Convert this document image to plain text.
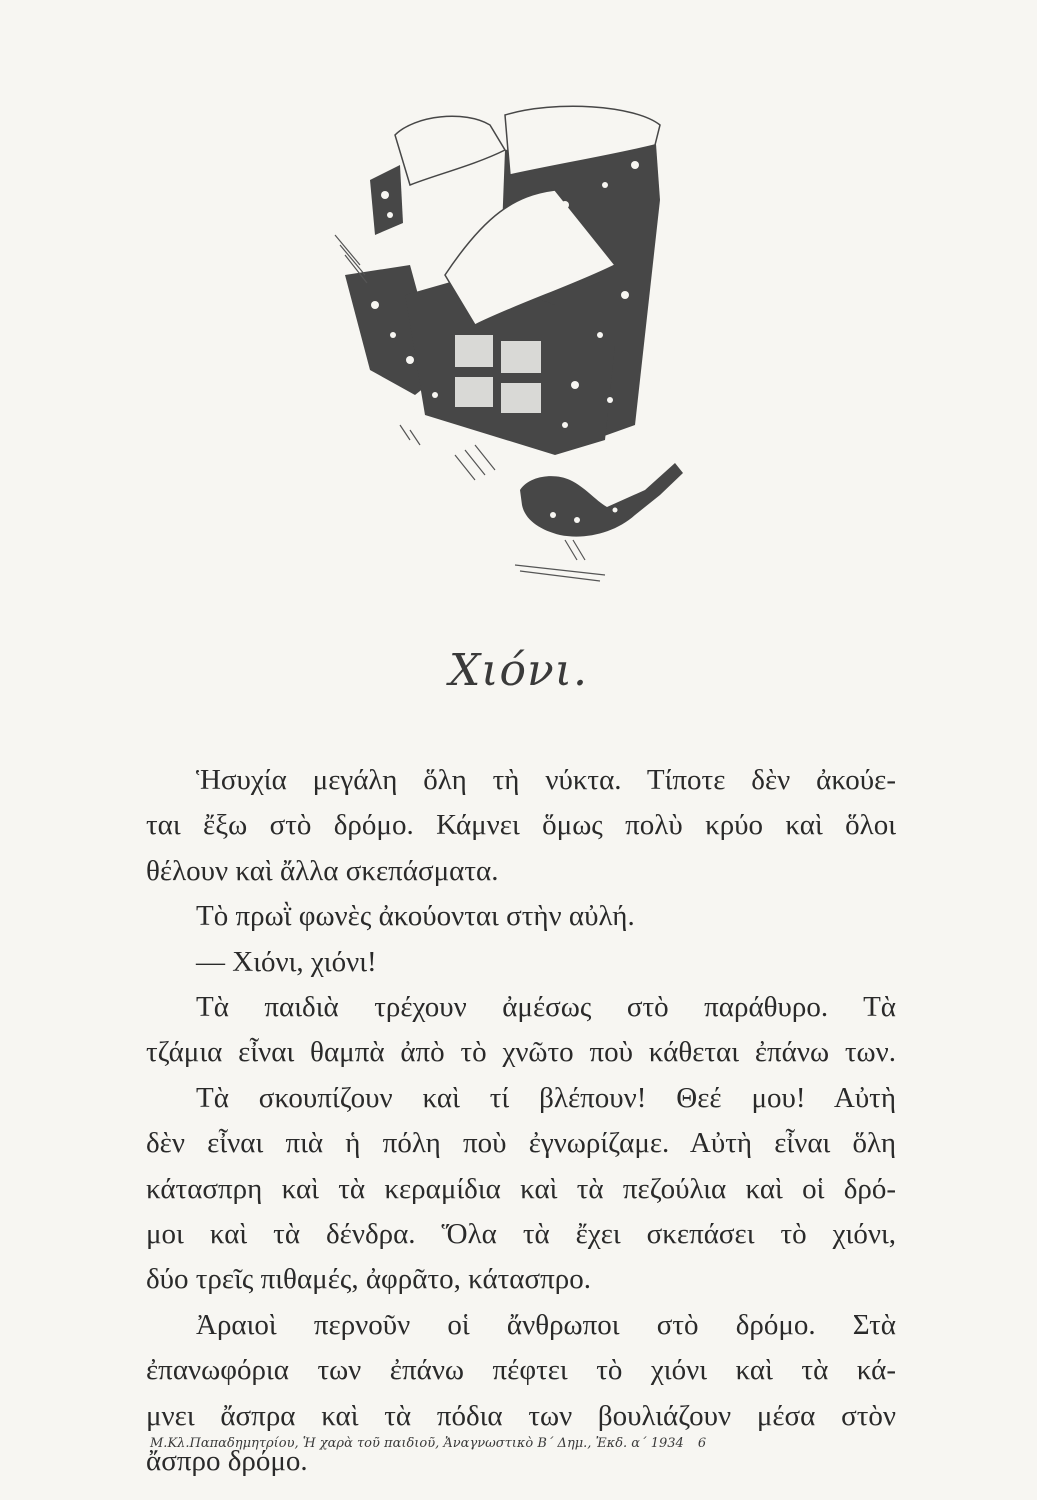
Χιόνι.
Ἡσυχία μεγάλη ὅλη τὴ νύκτα. Τίποτε δὲν ἀκούε-
ται ἔξω στὸ δρόμο. Κάμνει ὅμως πολὺ κρύο καὶ ὅλοι
θέλουν καὶ ἄλλα σκεπάσματα.
Τὸ πρωῒ φωνὲς ἀκούονται στὴν αὐλή.
— Χιόνι, χιόνι!
Τὰ παιδιὰ τρέχουν ἀμέσως στὸ παράθυρο. Τὰ
τζάμια εἶναι θαμπὰ ἀπὸ τὸ χνῶτο ποὺ κάθεται ἐπάνω των.
Τὰ σκουπίζουν καὶ τί βλέπουν! Θεέ μου! Αὐτὴ
δὲν εἶναι πιὰ ἡ πόλη ποὺ ἐγνωρίζαμε. Αὐτὴ εἶναι ὅλη
κάτασπρη καὶ τὰ κεραμίδια καὶ τὰ πεζούλια καὶ οἱ δρό-
μοι καὶ τὰ δένδρα. Ὅλα τὰ ἔχει σκεπάσει τὸ χιόνι,
δύο τρεῖς πιθαμές, ἀφρᾶτο, κάτασπρο.
Ἀραιοὶ περνοῦν οἱ ἄνθρωποι στὸ δρόμο. Στὰ
ἐπανωφόρια των ἐπάνω πέφτει τὸ χιόνι καὶ τὰ κά-
μνει ἄσπρα καὶ τὰ πόδια των βουλιάζουν μέσα στὸν
ἄσπρο δρόμο.
Μ.Κλ.Παπαδημητρίου, Ἡ χαρὰ τοῦ παιδιοῦ, Ἀναγνωστικὸ Β΄ Δημ., Ἐκδ. α΄ 1934 6
